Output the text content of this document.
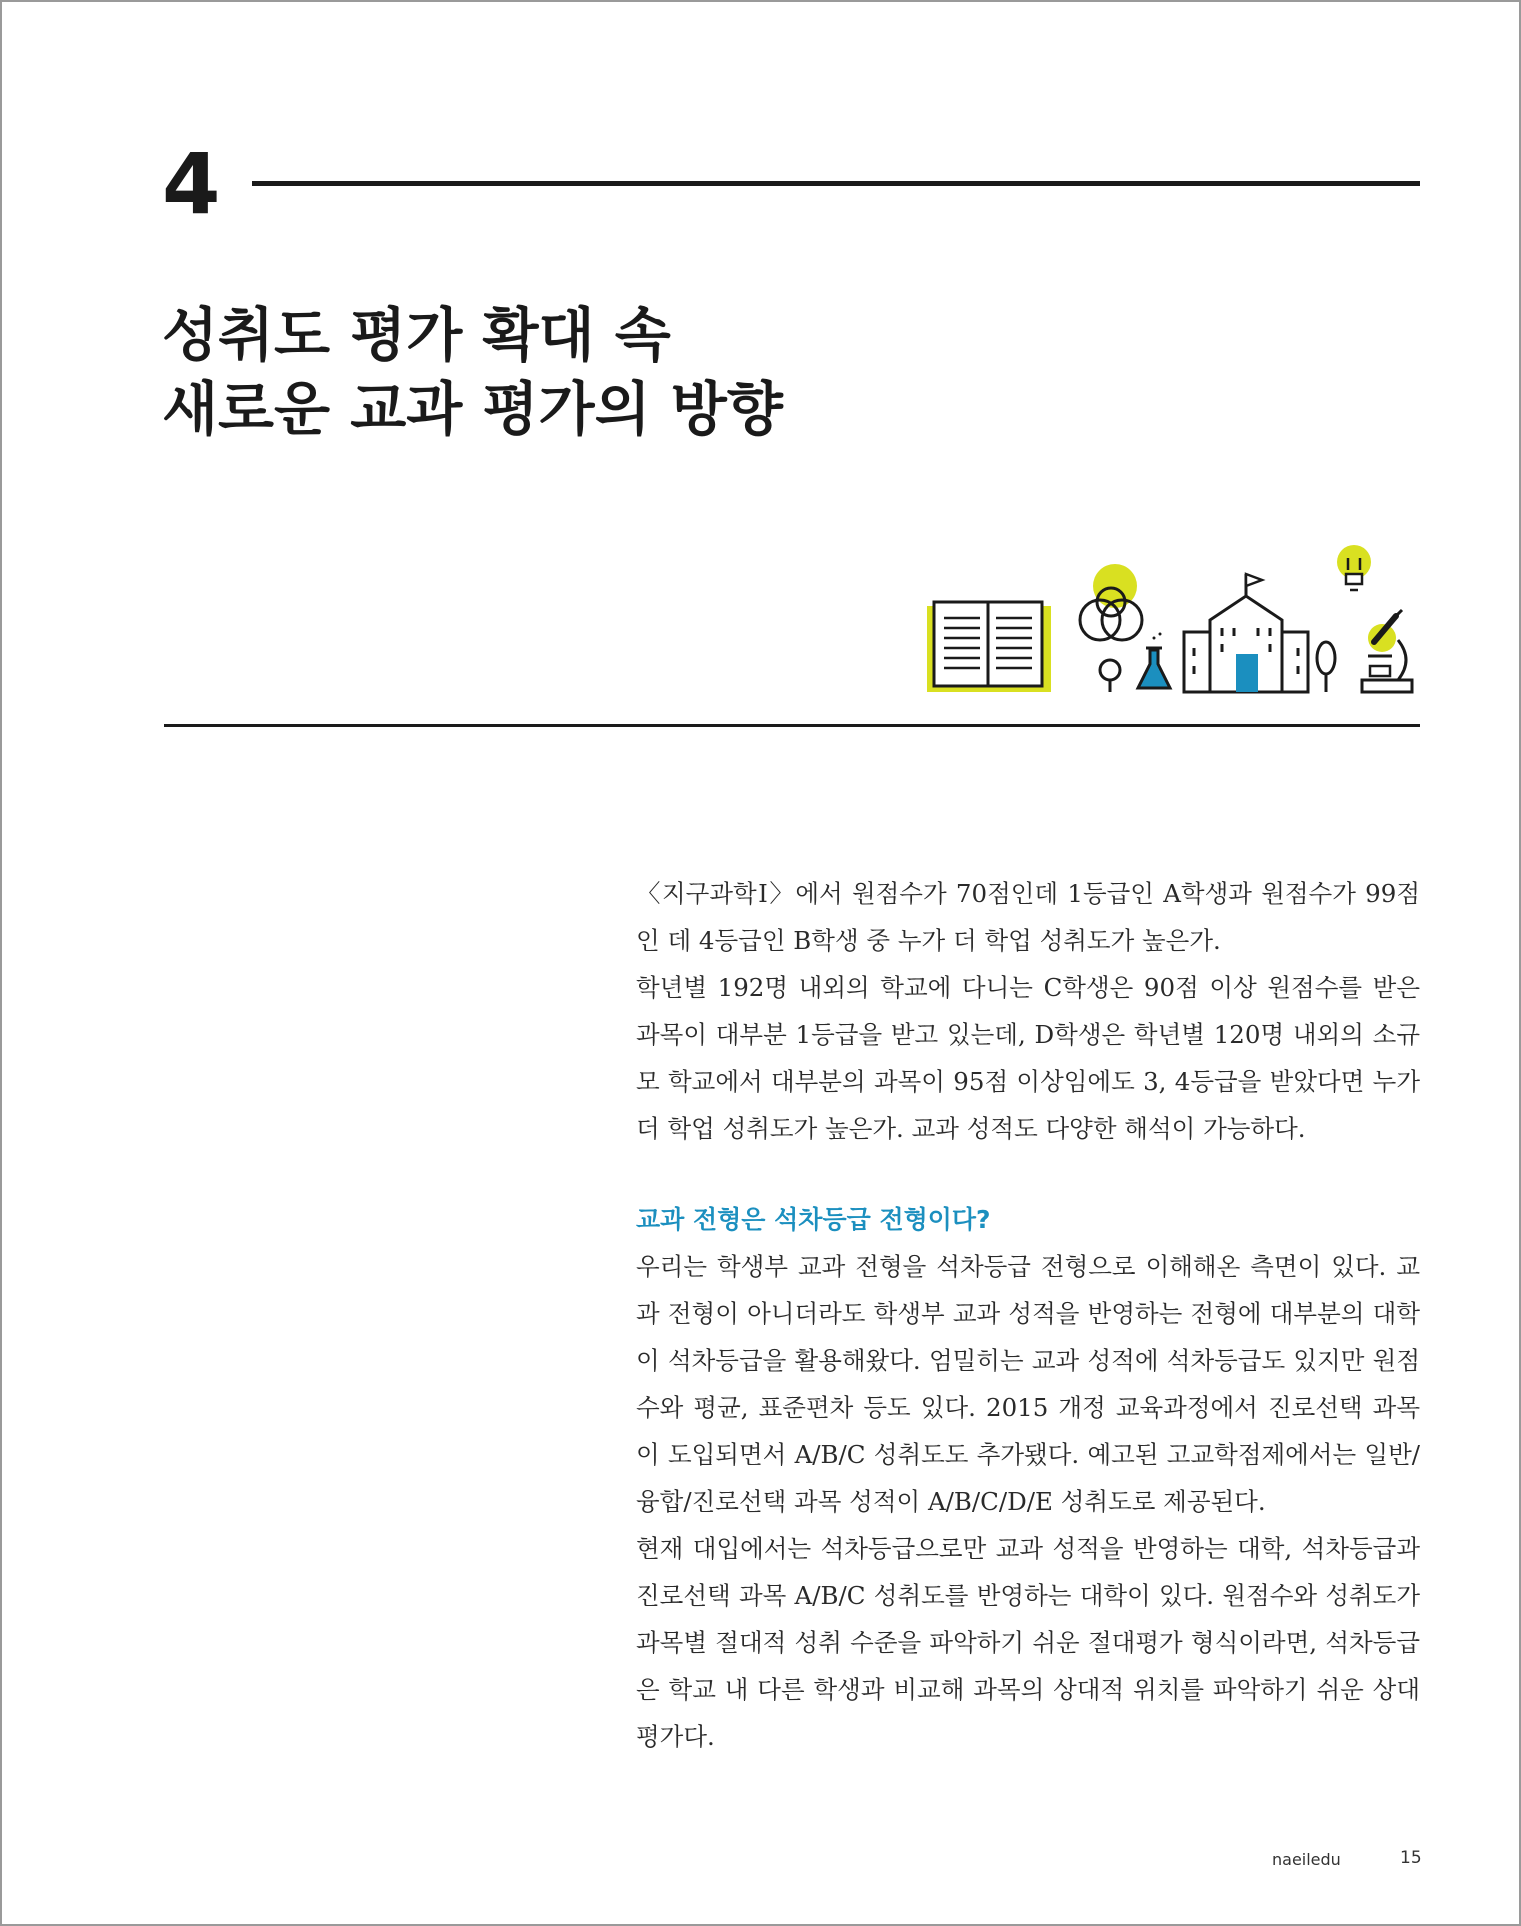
4
성취도 평가 확대 속
새로운 교과 평가의 방향

〈지구과학Ⅰ〉에서 원점수가 70점인데 1등급인 A학생과 원점수가 99점인 데 4등급인 B학생 중 누가 더 학업 성취도가 높은가.

학년별 192명 내외의 학교에 다니는 C학생은 90점 이상 원점수를 받은 과목이 대부분 1등급을 받고 있는데, D학생은 학년별 120명 내외의 소규모 학교에서 대부분의 과목이 95점 이상임에도 3, 4등급을 받았다면 누가 더 학업 성취도가 높은가. 교과 성적도 다양한 해석이 가능하다.

교과 전형은 석차등급 전형이다?

우리는 학생부 교과 전형을 석차등급 전형으로 이해해온 측면이 있다. 교과 전형이 아니더라도 학생부 교과 성적을 반영하는 전형에 대부분의 대학이 석차등급을 활용해왔다. 엄밀히는 교과 성적에 석차등급도 있지만 원점수와 평균, 표준편차 등도 있다. 2015 개정 교육과정에서 진로선택 과목이 도입되면서 A/B/C 성취도도 추가됐다. 예고된 고교학점제에서는 일반/융합/진로선택 과목 성적이 A/B/C/D/E 성취도로 제공된다.

현재 대입에서는 석차등급으로만 교과 성적을 반영하는 대학, 석차등급과 진로선택 과목 A/B/C 성취도를 반영하는 대학이 있다. 원점수와 성취도가 과목별 절대적 성취 수준을 파악하기 쉬운 절대평가 형식이라면, 석차등급은 학교 내 다른 학생과 비교해 과목의 상대적 위치를 파악하기 쉬운 상대평가다.

naeiledu	15
